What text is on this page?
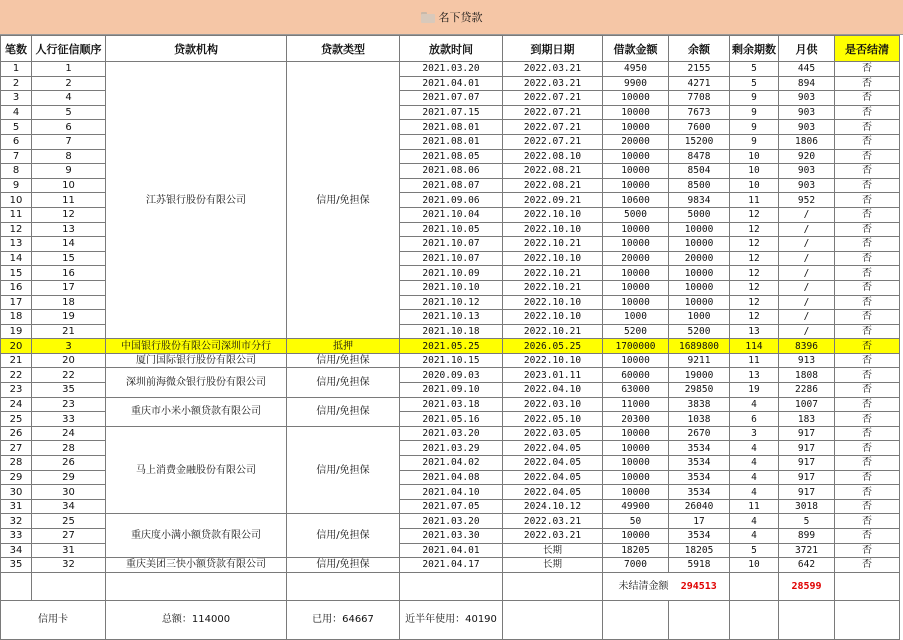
名下贷款
笔数	人行征信顺序	贷款机构	贷款类型	放款时间	到期日期	借款金额	余额	剩余期数	月供	是否结清
1	1	江苏银行股份有限公司	信用/免担保	2021.03.20	2022.03.21	4950	2155	5	445	否
2	2			2021.04.01	2022.03.21	9900	4271	5	894	否
3	4			2021.07.07	2022.07.21	10000	7708	9	903	否
4	5			2021.07.15	2022.07.21	10000	7673	9	903	否
5	6			2021.08.01	2022.07.21	10000	7600	9	903	否
6	7			2021.08.01	2022.07.21	20000	15200	9	1806	否
7	8			2021.08.05	2022.08.10	10000	8478	10	920	否
8	9			2021.08.06	2022.08.21	10000	8504	10	903	否
9	10			2021.08.07	2022.08.21	10000	8500	10	903	否
10	11			2021.09.06	2022.09.21	10600	9834	11	952	否
11	12			2021.10.04	2022.10.10	5000	5000	12	/	否
12	13			2021.10.05	2022.10.10	10000	10000	12	/	否
13	14			2021.10.07	2022.10.21	10000	10000	12	/	否
14	15			2021.10.07	2022.10.10	20000	20000	12	/	否
15	16			2021.10.09	2022.10.21	10000	10000	12	/	否
16	17			2021.10.10	2022.10.21	10000	10000	12	/	否
17	18			2021.10.12	2022.10.10	10000	10000	12	/	否
18	19			2021.10.13	2022.10.10	1000	1000	12	/	否
19	21			2021.10.18	2022.10.21	5200	5200	13	/	否
20	3	中国银行股份有限公司深圳市分行	抵押	2021.05.25	2026.05.25	1700000	1689800	114	8396	否
21	20	厦门国际银行股份有限公司	信用/免担保	2021.10.15	2022.10.10	10000	9211	11	913	否
22	22	深圳前海微众银行股份有限公司	信用/免担保	2020.09.03	2023.01.11	60000	19000	13	1808	否
23	35			2021.09.10	2022.04.10	63000	29850	19	2286	否
24	23	重庆市小米小额贷款有限公司	信用/免担保	2021.03.18	2022.03.10	11000	3838	4	1007	否
25	33			2021.05.16	2022.05.10	20300	1038	6	183	否
26	24	马上消费金融股份有限公司	信用/免担保	2021.03.20	2022.03.05	10000	2670	3	917	否
27	28			2021.03.29	2022.04.05	10000	3534	4	917	否
28	26			2021.04.02	2022.04.05	10000	3534	4	917	否
29	29			2021.04.08	2022.04.05	10000	3534	4	917	否
30	30			2021.04.10	2022.04.05	10000	3534	4	917	否
31	34			2021.07.05	2024.10.12	49900	26040	11	3018	否
32	25	重庆度小满小额贷款有限公司	信用/免担保	2021.03.20	2022.03.21	50	17	4	5	否
33	27			2021.03.30	2022.03.21	10000	3534	4	899	否
34	31			2021.04.01	长期	18205	18205	5	3721	否
35	32	重庆美团三快小额贷款有限公司	信用/免担保	2021.04.17	长期	7000	5918	10	642	否
						未结清金额	294513		28599	
信用卡		总额：114000	已用：64667	近半年使用：40190						
